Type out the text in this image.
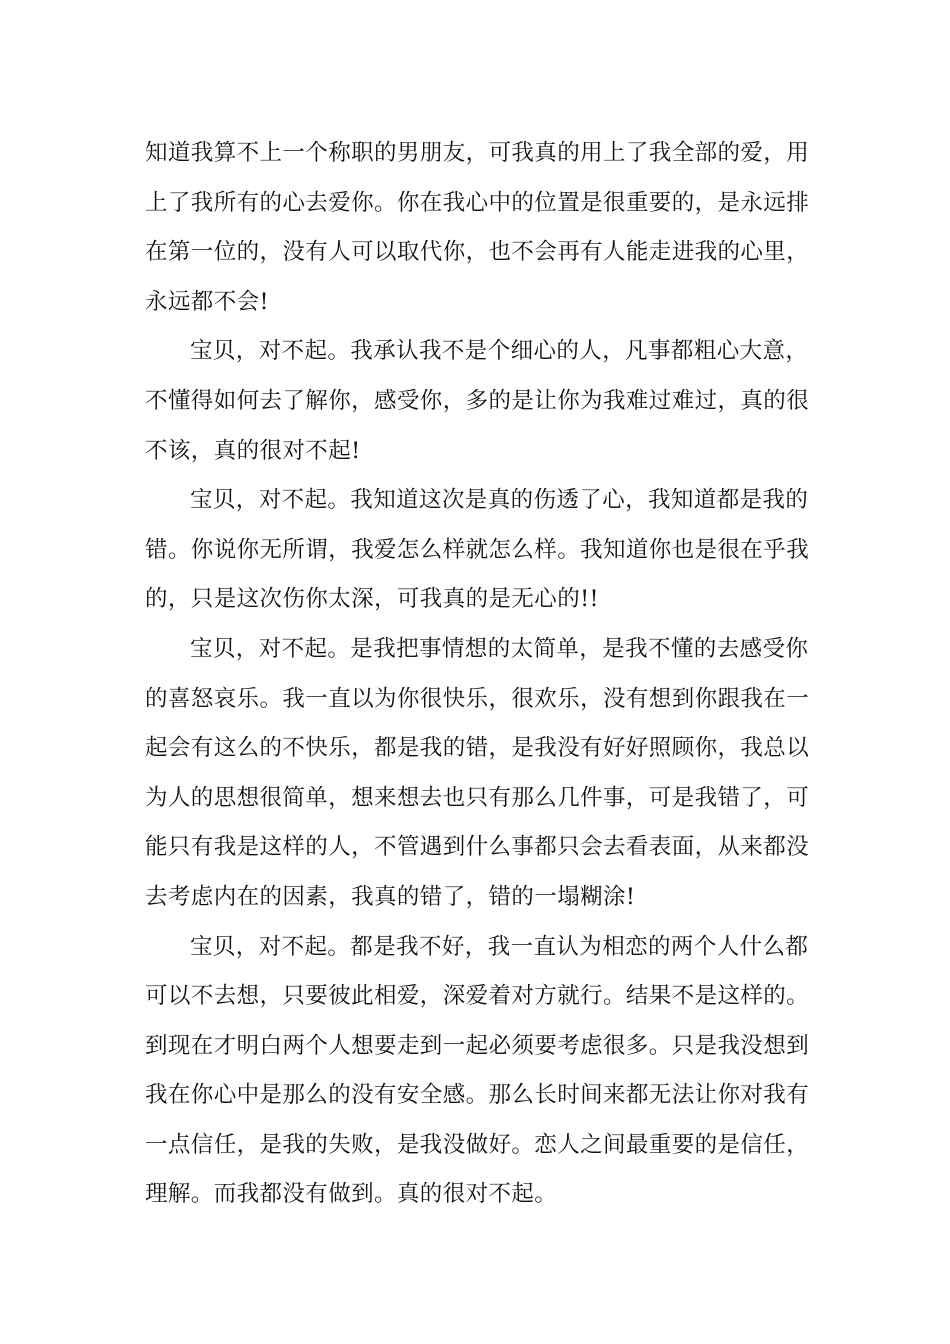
知道我算不上一个称职的男朋友，可我真的用上了我全部的爱，用
上了我所有的心去爱你。你在我心中的位置是很重要的，是永远排
在第一位的，没有人可以取代你，也不会再有人能走进我的心里，
永远都不会!
宝贝，对不起。我承认我不是个细心的人，凡事都粗心大意，
不懂得如何去了解你，感受你，多的是让你为我难过难过，真的很
不该，真的很对不起!
宝贝，对不起。我知道这次是真的伤透了心，我知道都是我的
错。你说你无所谓，我爱怎么样就怎么样。我知道你也是很在乎我
的，只是这次伤你太深，可我真的是无心的!!
宝贝，对不起。是我把事情想的太简单，是我不懂的去感受你
的喜怒哀乐。我一直以为你很快乐，很欢乐，没有想到你跟我在一
起会有这么的不快乐，都是我的错，是我没有好好照顾你，我总以
为人的思想很简单，想来想去也只有那么几件事，可是我错了，可
能只有我是这样的人，不管遇到什么事都只会去看表面，从来都没
去考虑内在的因素，我真的错了，错的一塌糊涂!
宝贝，对不起。都是我不好，我一直认为相恋的两个人什么都
可以不去想，只要彼此相爱，深爱着对方就行。结果不是这样的。
到现在才明白两个人想要走到一起必须要考虑很多。只是我没想到
我在你心中是那么的没有安全感。那么长时间来都无法让你对我有
一点信任，是我的失败，是我没做好。恋人之间最重要的是信任，
理解。而我都没有做到。真的很对不起。
